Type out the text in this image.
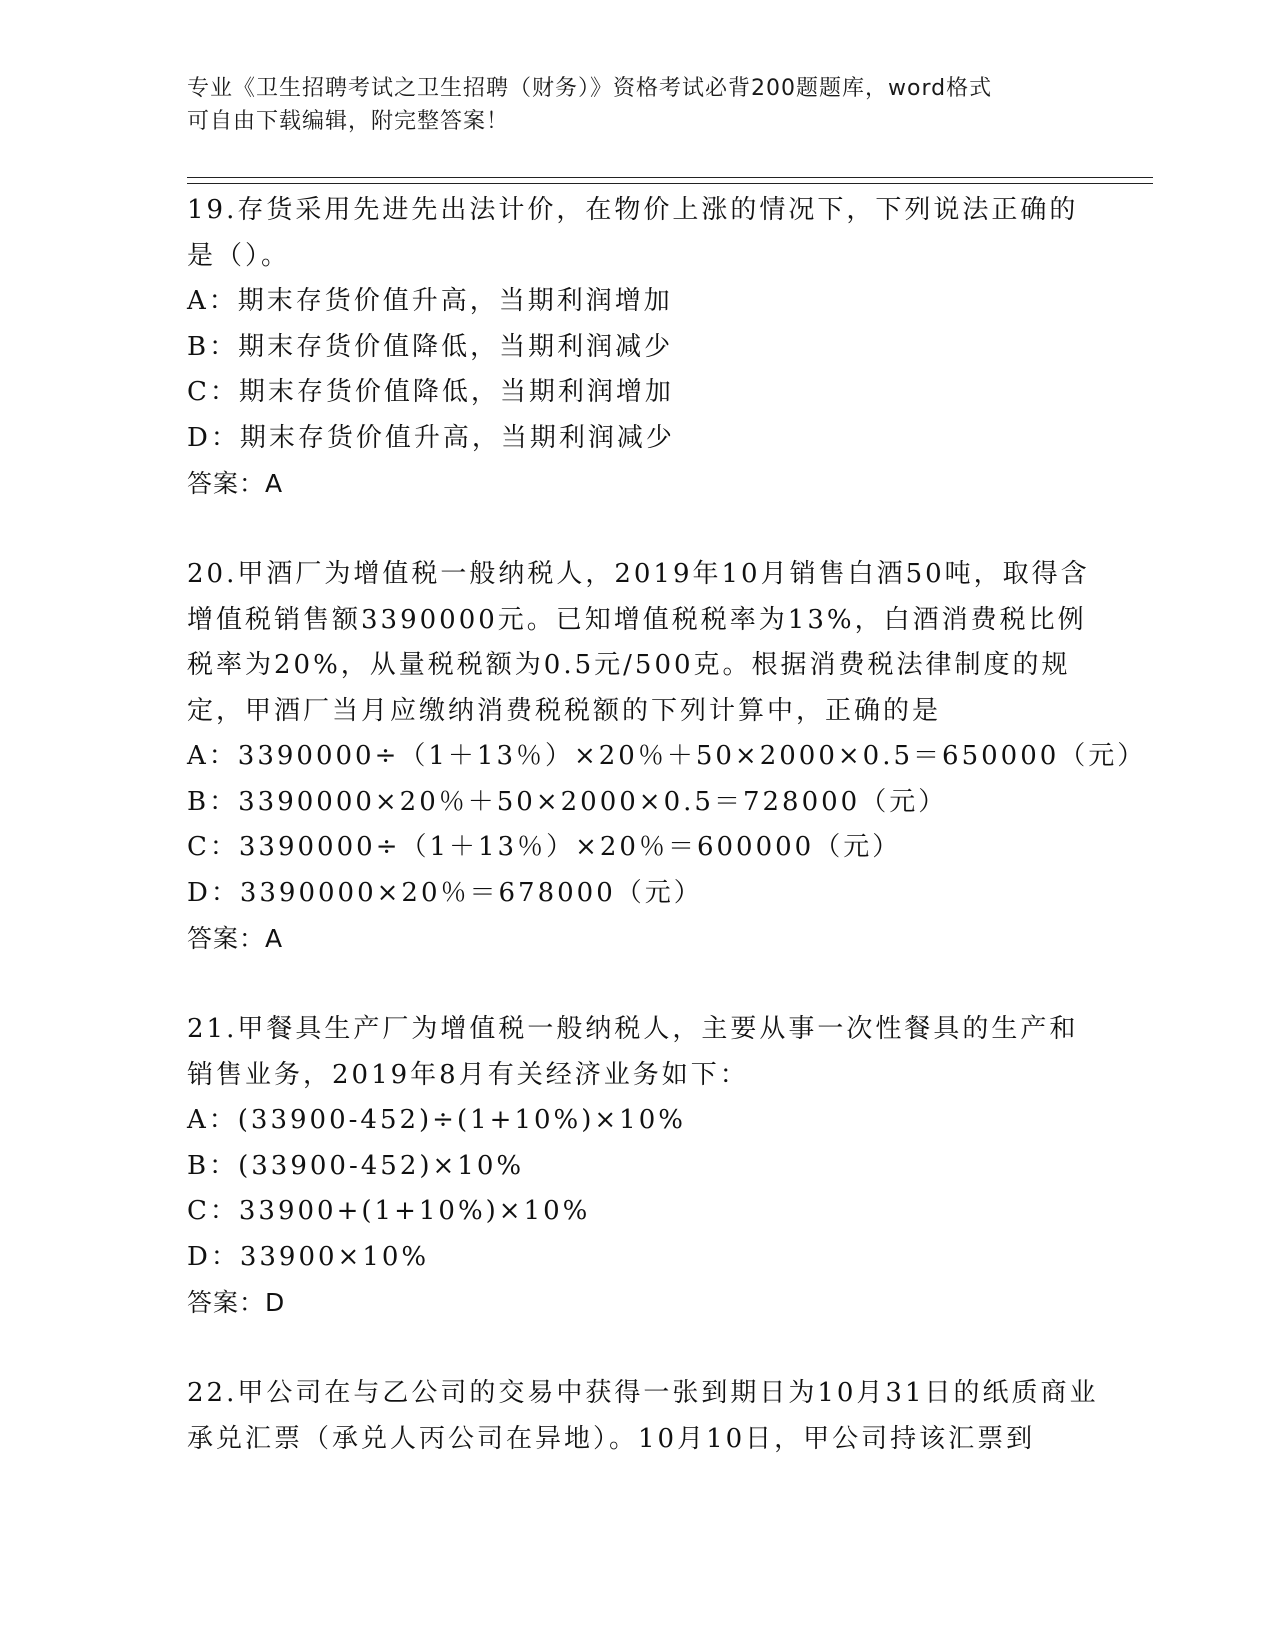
专业《卫生招聘考试之卫生招聘（财务）》资格考试必背200题题库，word格式
可自由下载编辑，附完整答案！

19.存货采用先进先出法计价，在物价上涨的情况下，下列说法正确的是（）。

A：期末存货价值升高，当期利润增加

B：期末存货价值降低，当期利润减少

C：期末存货价值降低，当期利润增加

D：期末存货价值升高，当期利润减少

答案：A

20.甲酒厂为增值税一般纳税人，2019年10月销售白酒50吨，取得含增值税销售额3390000元。已知增值税税率为13%，白酒消费税比例税率为20%，从量税税额为0.5元/500克。根据消费税法律制度的规定，甲酒厂当月应缴纳消费税税额的下列计算中，正确的是

A：3390000÷（1＋13％）×20％＋50×2000×0.5＝650000（元）

B：3390000×20％＋50×2000×0.5＝728000（元）

C：3390000÷（1＋13％）×20％＝600000（元）

D：3390000×20％＝678000（元）

答案：A

21.甲餐具生产厂为增值税一般纳税人，主要从事一次性餐具的生产和销售业务，2019年8月有关经济业务如下：

A：(33900-452)÷(1+10%)×10%

B：(33900-452)×10%

C：33900+(1+10%)×10%

D：33900×10%

答案：D

22.甲公司在与乙公司的交易中获得一张到期日为10月31日的纸质商业承兑汇票（承兑人丙公司在异地）。10月10日，甲公司持该汇票到
